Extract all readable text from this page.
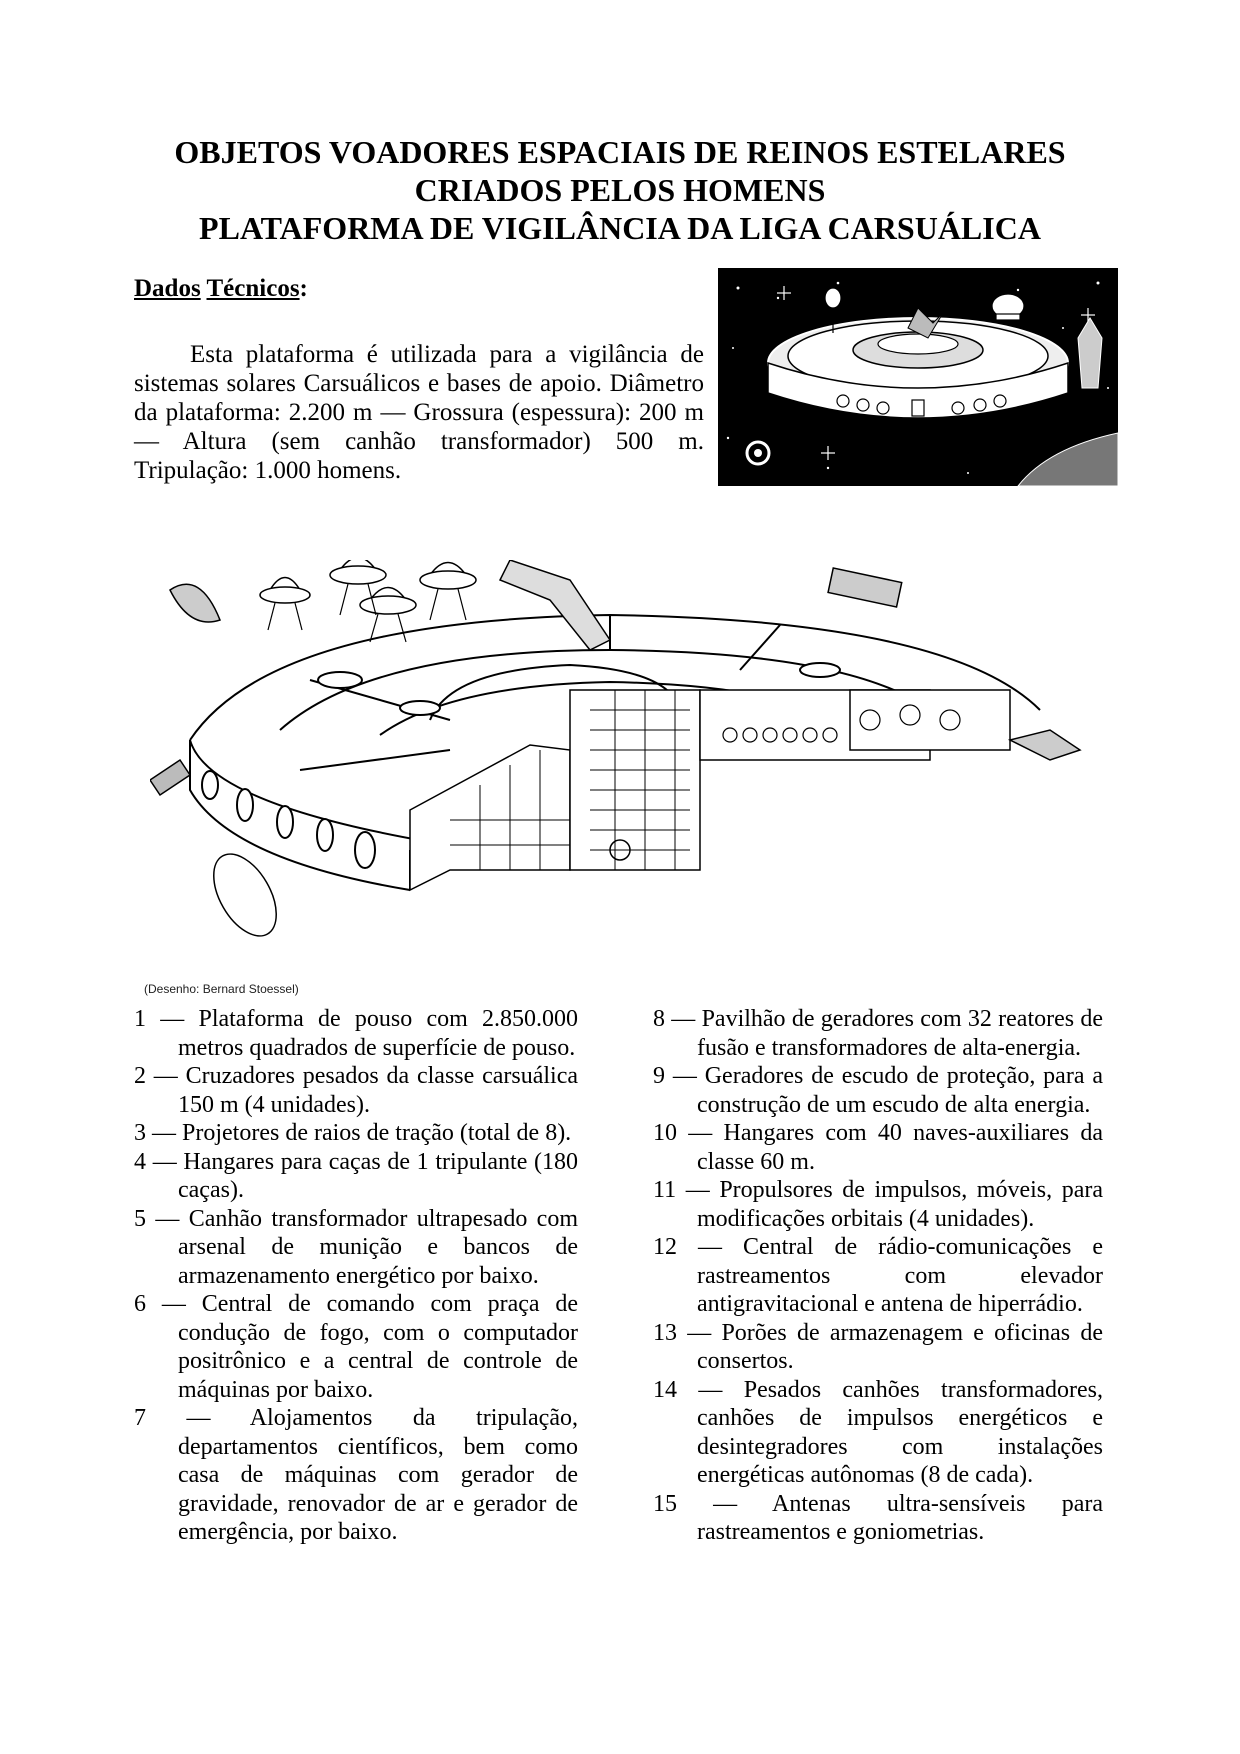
OBJETOS VOADORES ESPACIAIS DE REINOS ESTELARES
CRIADOS PELOS HOMENS
PLATAFORMA DE VIGILÂNCIA DA LIGA CARSUÁLICA
Dados Técnicos:

Esta plataforma é utilizada para a vigilância de sistemas solares Carsuálicos e bases de apoio. Diâmetro da plataforma: 2.200 m — Grossura (espessura): 200 m — Altura (sem canhão transformador) 500 m. Tripulação: 1.000 homens.

(Desenho: Bernard Stoessel)
1 — Plataforma de pouso com 2.850.000 metros quadrados de superfície de pouso.
2 — Cruzadores pesados da classe carsuálica 150 m (4 unidades).
3 — Projetores de raios de tração (total de 8).
4 — Hangares para caças de 1 tripulante (180 caças).
5 — Canhão transformador ultrapesado com arsenal de munição e bancos de armazenamento energético por baixo.
6 — Central de comando com praça de condução de fogo, com o computador positrônico e a central de controle de máquinas por baixo.
7 — Alojamentos da tripulação, departamentos científicos, bem como casa de máquinas com gerador de gravidade, renovador de ar e gerador de emergência, por baixo.
8 — Pavilhão de geradores com 32 reatores de fusão e transformadores de alta-energia.
9 — Geradores de escudo de proteção, para a construção de um escudo de alta energia.
10 — Hangares com 40 naves-auxiliares da classe 60 m.
11 — Propulsores de impulsos, móveis, para modificações orbitais (4 unidades).
12 — Central de rádio-comunicações e rastreamentos com elevador antigravitacional e antena de hiperrádio.
13 — Porões de armazenagem e oficinas de consertos.
14 — Pesados canhões transformadores, canhões de impulsos energéticos e desintegradores com instalações energéticas autônomas (8 de cada).
15 — Antenas ultra-sensíveis para rastreamentos e goniometrias.
